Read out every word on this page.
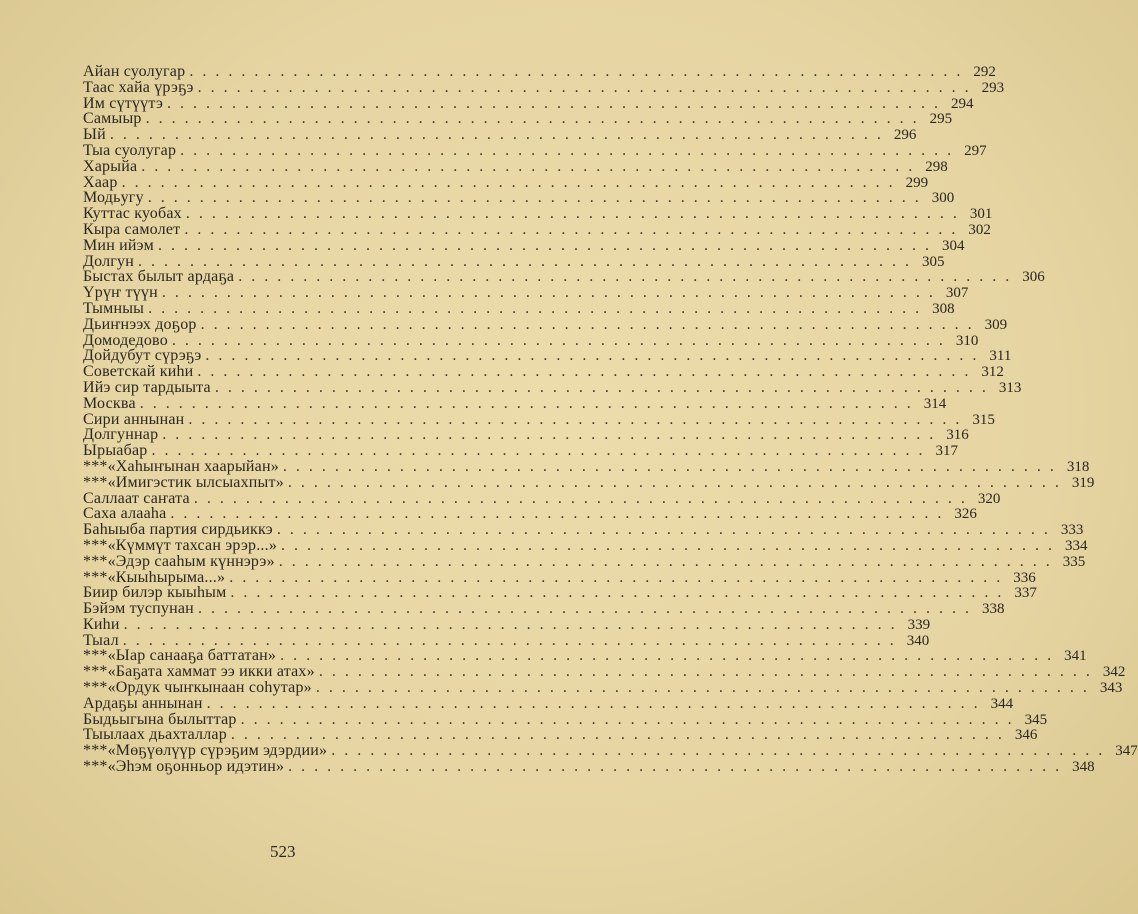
Айан суолугар ............................................................ 292
Таас хайа үрэҕэ ............................................................ 293
Им сүтүүтэ ............................................................ 294
Самыыр ............................................................ 295
Ый ............................................................ 296
Тыа суолугар ............................................................ 297
Харыйа ............................................................ 298
Хаар ............................................................ 299
Модьугу ............................................................ 300
Куттас куобах ............................................................ 301
Кыра самолет ............................................................ 302
Мин ийэм ............................................................ 304
Долгун ............................................................ 305
Быстах былыт ардаҕа ............................................................ 306
Үрүҥ түүн ............................................................ 307
Тымныы ............................................................ 308
Дьиҥнээх доҕор ............................................................ 309
Домодедово ............................................................ 310
Дойдубут сүрэҕэ ............................................................ 311
Советскай киһи ............................................................ 312
Ийэ сир тардыыта ............................................................ 313
Москва ............................................................ 314
Сири аннынан ............................................................ 315
Долгуннар ............................................................ 316
Ырыабар ............................................................ 317
***«Хаһыҥынан хаарыйан» ............................................................ 318
***«Имигэстик ылсыахпыт» ............................................................ 319
Саллаат саҥата ............................................................ 320
Саха алааһа ............................................................ 326
Баһыыба партия сирдьиккэ ............................................................ 333
***«Күммүт тахсан эрэр...» ............................................................ 334
***«Эдэр сааһым күннэрэ» ............................................................ 335
***«Кыыһырыма...» ............................................................ 336
Биир билэр кыыһым ............................................................ 337
Бэйэм туспунан ............................................................ 338
Киһи ............................................................ 339
Тыал ............................................................ 340
***«Ыар санааҕа баттатан» ............................................................ 341
***«Баҕата хаммат ээ икки атах» ............................................................ 342
***«Ордук чыҥкынаан соһутар» ............................................................ 343
Ардаҕы аннынан ............................................................ 344
Быдьыгына былыттар ............................................................ 345
Тыылаах дьахталлар ............................................................ 346
***«Мөҕүөлүүр сүрэҕим эдэрдии» ............................................................ 347
***«Эһэм оҕонньор идэтин» ............................................................ 348
523
